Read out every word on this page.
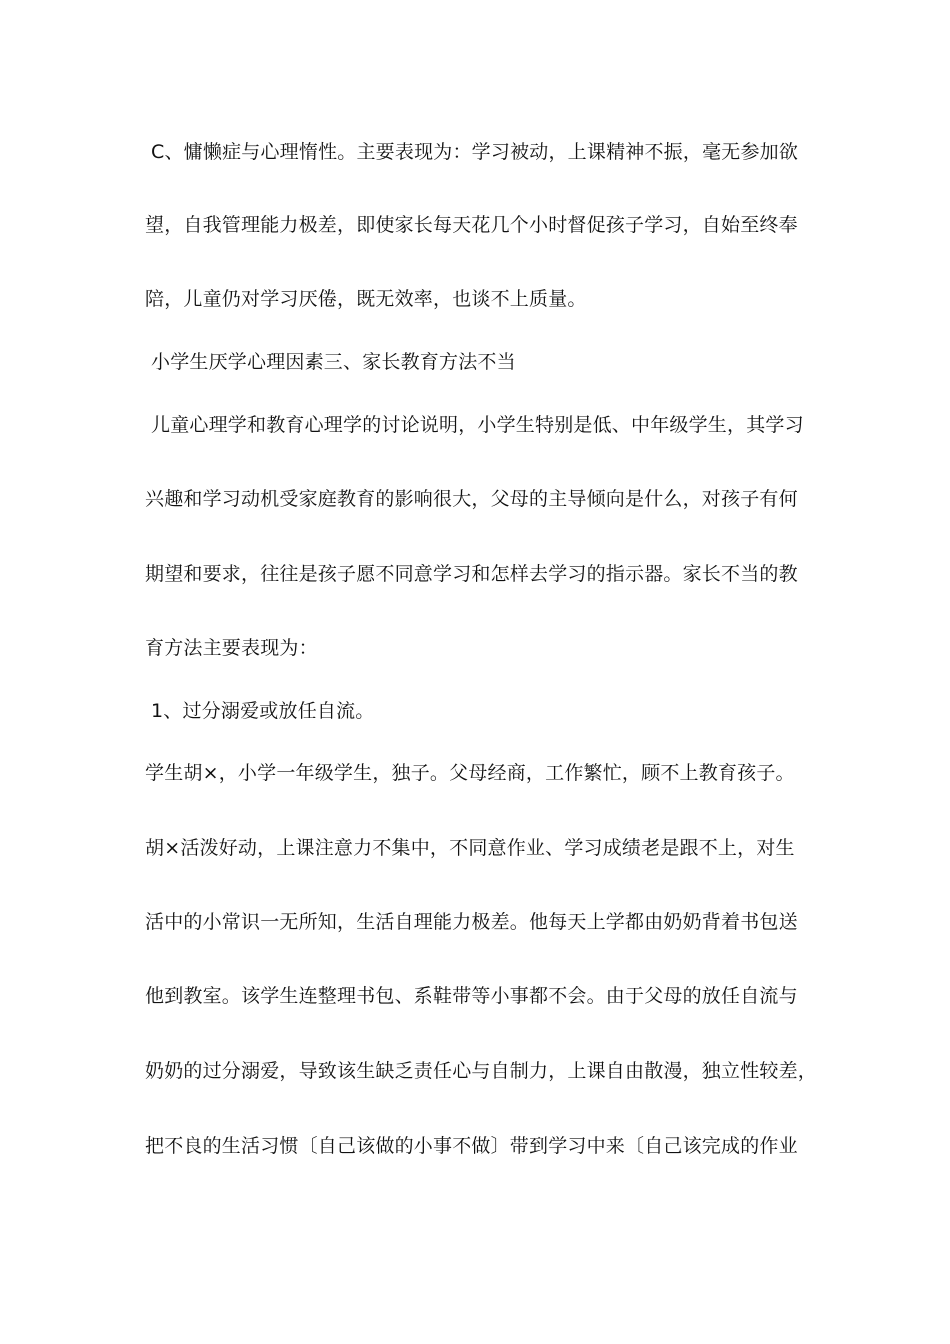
C、慵懒症与心理惰性。主要表现为：学习被动，上课精神不振，毫无参加欲
望，自我管理能力极差，即使家长每天花几个小时督促孩子学习，自始至终奉
陪，儿童仍对学习厌倦，既无效率，也谈不上质量。
小学生厌学心理因素三、家长教育方法不当
儿童心理学和教育心理学的讨论说明，小学生特别是低、中年级学生，其学习
兴趣和学习动机受家庭教育的影响很大，父母的主导倾向是什么，对孩子有何
期望和要求，往往是孩子愿不同意学习和怎样去学习的指示器。家长不当的教
育方法主要表现为：
1、过分溺爱或放任自流。
学生胡×，小学一年级学生，独子。父母经商，工作繁忙，顾不上教育孩子。
胡×活泼好动，上课注意力不集中，不同意作业、学习成绩老是跟不上，对生
活中的小常识一无所知，生活自理能力极差。他每天上学都由奶奶背着书包送
他到教室。该学生连整理书包、系鞋带等小事都不会。由于父母的放任自流与
奶奶的过分溺爱，导致该生缺乏责任心与自制力，上课自由散漫，独立性较差，
把不良的生活习惯〔自己该做的小事不做〕带到学习中来〔自己该完成的作业
